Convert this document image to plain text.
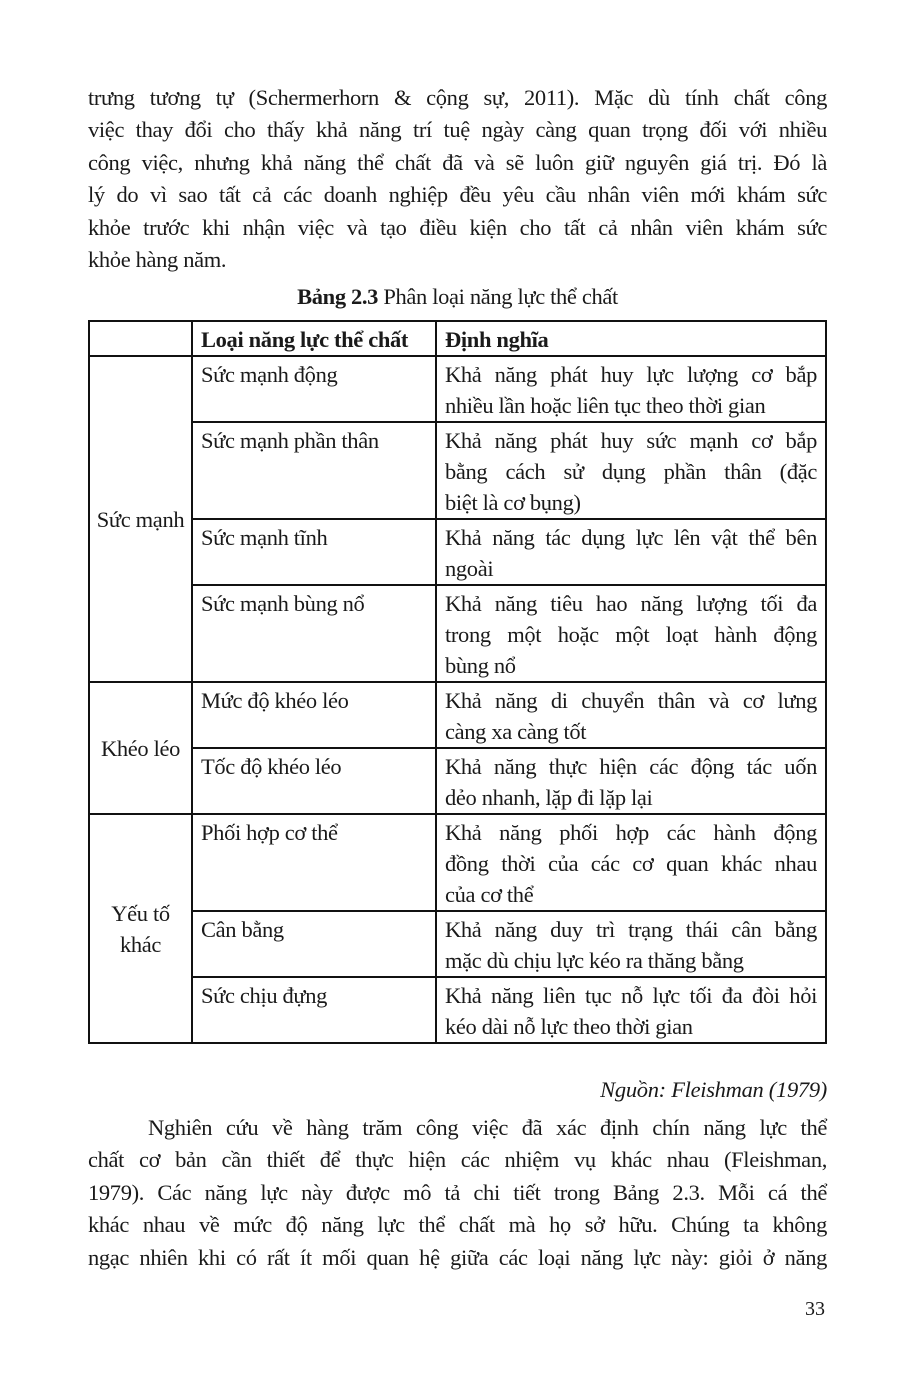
trưng tương tự (Schermerhorn & cộng sự, 2011). Mặc dù tính chất công
việc thay đổi cho thấy khả năng trí tuệ ngày càng quan trọng đối với nhiều
công việc, nhưng khả năng thể chất đã và sẽ luôn giữ nguyên giá trị. Đó là
lý do vì sao tất cả các doanh nghiệp đều yêu cầu nhân viên mới khám sức
khỏe trước khi nhận việc và tạo điều kiện cho tất cả nhân viên khám sức
khỏe hàng năm.
Bảng 2.3 Phân loại năng lực thể chất
	Loại năng lực thể chất	Định nghĩa
Sức mạnh	Sức mạnh động	Khả năng phát huy lực lượng cơ bắp
nhiều lần hoặc liên tục theo thời gian

	Sức mạnh phần thân	Khả năng phát huy sức mạnh cơ bắp
bằng cách sử dụng phần thân (đặc
biệt là cơ bụng)

	Sức mạnh tĩnh	Khả năng tác dụng lực lên vật thể bên
ngoài

	Sức mạnh bùng nổ	Khả năng tiêu hao năng lượng tối đa
trong một hoặc một loạt hành động
bùng nổ

Khéo léo	Mức độ khéo léo	Khả năng di chuyển thân và cơ lưng
càng xa càng tốt

	Tốc độ khéo léo	Khả năng thực hiện các động tác uốn
dẻo nhanh, lặp đi lặp lại

Yếu tố khác	Phối hợp cơ thể	Khả năng phối hợp các hành động
đồng thời của các cơ quan khác nhau
của cơ thể

	Cân bằng	Khả năng duy trì trạng thái cân bằng
mặc dù chịu lực kéo ra thăng bằng

	Sức chịu đựng	Khả năng liên tục nỗ lực tối đa đòi hỏi
kéo dài nỗ lực theo thời gian
Nguồn: Fleishman (1979)
Nghiên cứu về hàng trăm công việc đã xác định chín năng lực thể
chất cơ bản cần thiết để thực hiện các nhiệm vụ khác nhau (Fleishman,
1979). Các năng lực này được mô tả chi tiết trong Bảng 2.3. Mỗi cá thể
khác nhau về mức độ năng lực thể chất mà họ sở hữu. Chúng ta không
ngạc nhiên khi có rất ít mối quan hệ giữa các loại năng lực này: giỏi ở năng
33
